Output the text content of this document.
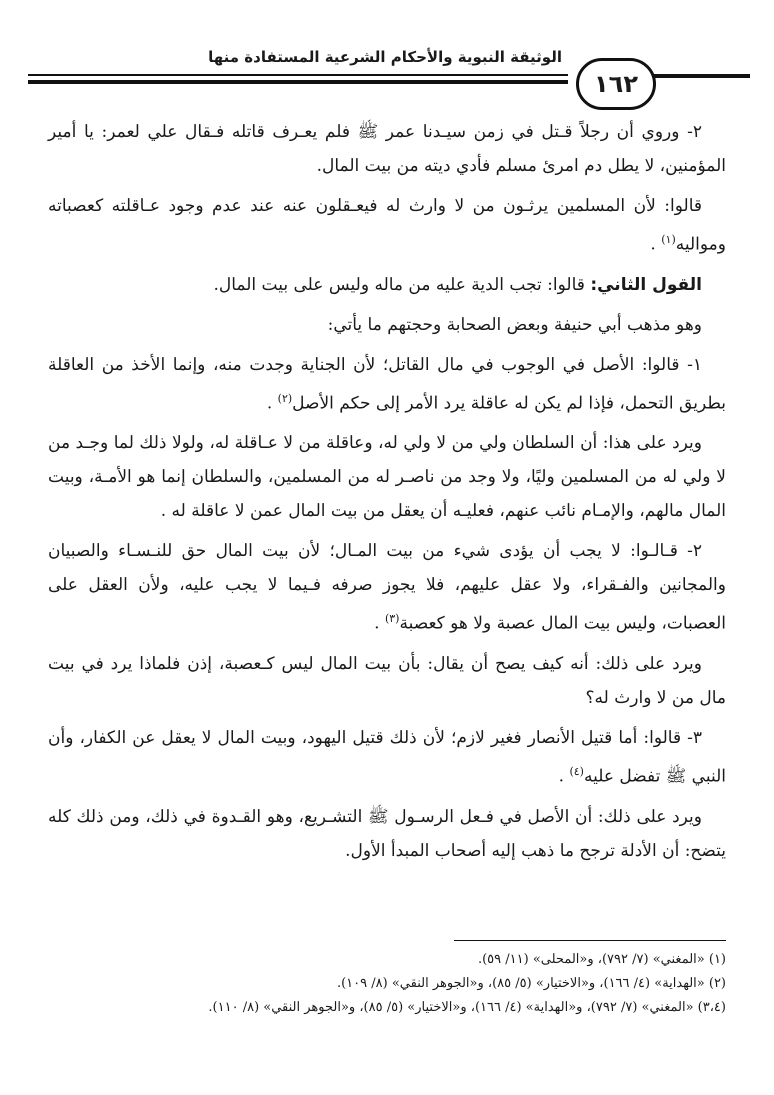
الوثيقة النبوية والأحكام الشرعية المستفادة منها
١٦٢

٢- وروي أن رجلاً قـتل في زمن سيـدنا عمر ﷺ فلم يعـرف قاتله فـقال علي لعمر: يا أمير المؤمنين، لا يطل دم امرئ مسلم فأدي ديته من بيت المال.

قالوا: لأن المسلمين يرثـون من لا وارث له فيعـقلون عنه عند عدم وجود عـاقلته كعصباته ومواليه$^{(١)}$ .

القول الثاني: قالوا: تجب الدية عليه من ماله وليس على بيت المال.

وهو مذهب أبي حنيفة وبعض الصحابة وحجتهم ما يأتي:

١- قالوا: الأصل في الوجوب في مال القاتل؛ لأن الجناية وجدت منه، وإنما الأخذ من العاقلة بطريق التحمل، فإذا لم يكن له عاقلة يرد الأمر إلى حكم الأصل$^{(٢)}$ .

ويرد على هذا: أن السلطان ولي من لا ولي له، وعاقلة من لا عـاقلة له، ولولا ذلك لما وجـد من لا ولي له من المسلمين وليًا، ولا وجد من ناصـر له من المسلمين، والسلطان إنما هو الأمـة، وبيت المال مالهم، والإمـام نائب عنهم، فعليـه أن يعقل من بيت المال عمن لا عاقلة له .

٢- قـالـوا: لا يجب أن يؤدى شيء من بيت المـال؛ لأن بيت المال حق للنـسـاء والصبيان والمجانين والفـقراء، ولا عقل عليهم، فلا يجوز صرفه فـيما لا يجب عليه، ولأن العقل على العصبات، وليس بيت المال عصبة ولا هو كعصبة$^{(٣)}$ .

ويرد على ذلك: أنه كيف يصح أن يقال: بأن بيت المال ليس كـعصبة، إذن فلماذا يرد في بيت مال من لا وارث له؟

٣- قالوا: أما قتيل الأنصار فغير لازم؛ لأن ذلك قتيل اليهود، وبيت المال لا يعقل عن الكفار، وأن النبي ﷺ تفضل عليه$^{(٤)}$ .

ويرد على ذلك: أن الأصل في فـعل الرسـول ﷺ التشـريع، وهو القـدوة في ذلك، ومن ذلك كله يتضح: أن الأدلة ترجح ما ذهب إليه أصحاب المبدأ الأول.

(١) «المغني» (٧/ ٧٩٢)، و«المحلى» (١١/ ٥٩).

(٢) «الهداية» (٤/ ١٦٦)، و«الاختيار» (٥/ ٨٥)، و«الجوهر النقي» (٨/ ١٠٩).

(٣،٤) «المغني» (٧/ ٧٩٢)، و«الهداية» (٤/ ١٦٦)، و«الاختيار» (٥/ ٨٥)، و«الجوهر النقي» (٨/ ١١٠).
